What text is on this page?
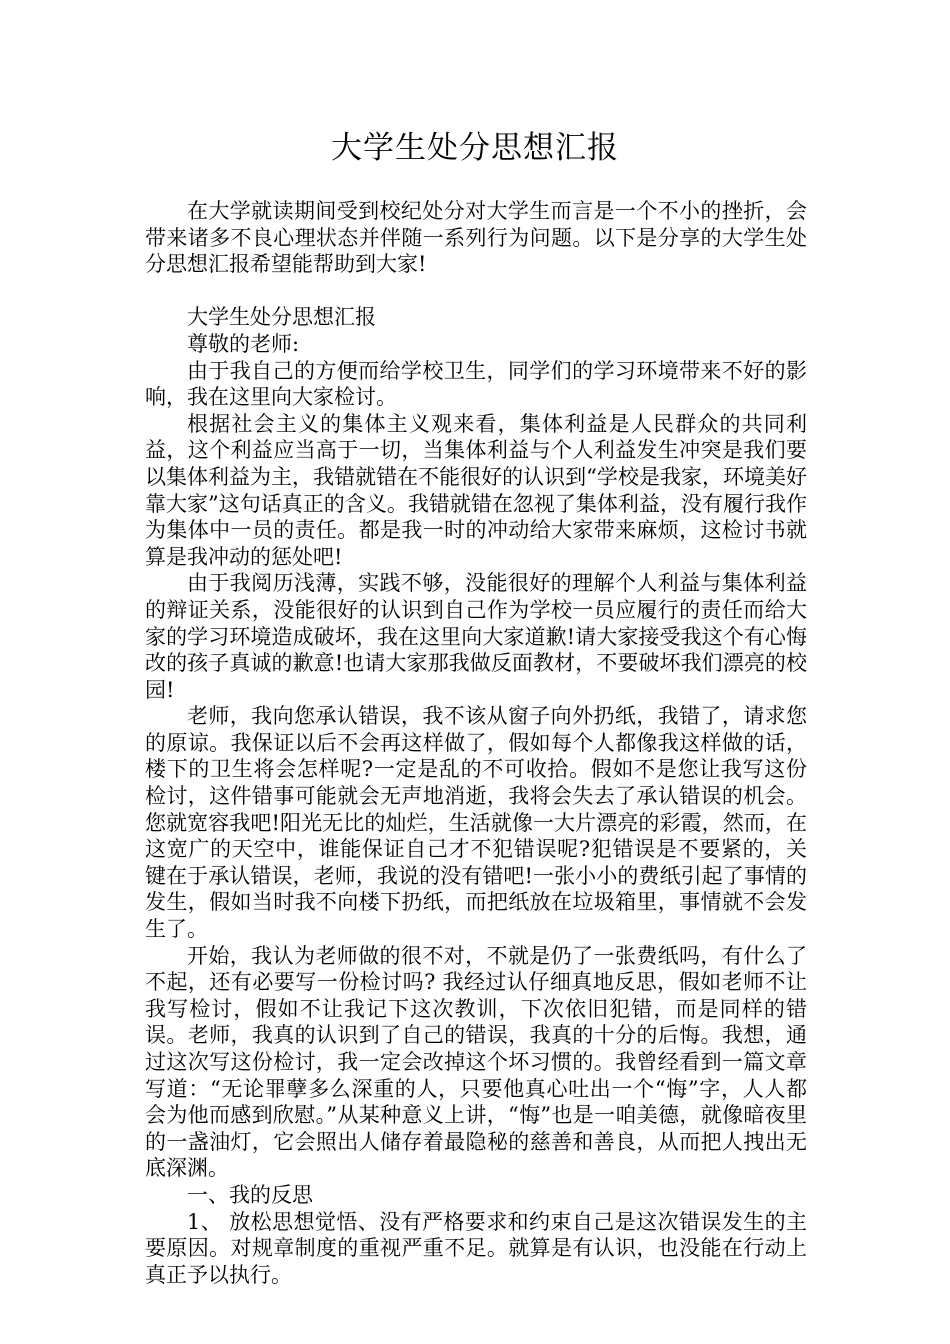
大学生处分思想汇报

在大学就读期间受到校纪处分对大学生而言是一个不小的挫折，会带来诸多不良心理状态并伴随一系列行为问题。以下是分享的大学生处分思想汇报希望能帮助到大家!

大学生处分思想汇报

尊敬的老师:

由于我自己的方便而给学校卫生，同学们的学习环境带来不好的影响，我在这里向大家检讨。

根据社会主义的集体主义观来看，集体利益是人民群众的共同利益，这个利益应当高于一切，当集体利益与个人利益发生冲突是我们要以集体利益为主，我错就错在不能很好的认识到“学校是我家，环境美好靠大家”这句话真正的含义。我错就错在忽视了集体利益，没有履行我作为集体中一员的责任。都是我一时的冲动给大家带来麻烦，这检讨书就算是我冲动的惩处吧!

由于我阅历浅薄，实践不够，没能很好的理解个人利益与集体利益的辩证关系，没能很好的认识到自己作为学校一员应履行的责任而给大家的学习环境造成破坏，我在这里向大家道歉!请大家接受我这个有心悔改的孩子真诚的歉意!也请大家那我做反面教材，不要破坏我们漂亮的校园!

老师，我向您承认错误，我不该从窗子向外扔纸，我错了，请求您的原谅。我保证以后不会再这样做了，假如每个人都像我这样做的话，楼下的卫生将会怎样呢?一定是乱的不可收拾。假如不是您让我写这份检讨，这件错事可能就会无声地消逝，我将会失去了承认错误的机会。您就宽容我吧!阳光无比的灿烂，生活就像一大片漂亮的彩霞，然而，在这宽广的天空中，谁能保证自己才不犯错误呢?犯错误是不要紧的，关键在于承认错误，老师，我说的没有错吧!一张小小的费纸引起了事情的发生，假如当时我不向楼下扔纸，而把纸放在垃圾箱里，事情就不会发生了。

开始，我认为老师做的很不对，不就是仍了一张费纸吗，有什么了不起，还有必要写一份检讨吗? 我经过认仔细真地反思，假如老师不让我写检讨，假如不让我记下这次教训，下次依旧犯错，而是同样的错误。老师，我真的认识到了自己的错误，我真的十分的后悔。我想，通过这次写这份检讨，我一定会改掉这个坏习惯的。我曾经看到一篇文章写道：“无论罪孽多么深重的人，只要他真心吐出一个“悔”字，人人都会为他而感到欣慰。”从某种意义上讲，“悔”也是一咱美德，就像暗夜里的一盏油灯，它会照出人储存着最隐秘的慈善和善良，从而把人拽出无底深渊。

一、我的反思

1、 放松思想觉悟、没有严格要求和约束自己是这次错误发生的主要原因。对规章制度的重视严重不足。就算是有认识，也没能在行动上真正予以执行。
